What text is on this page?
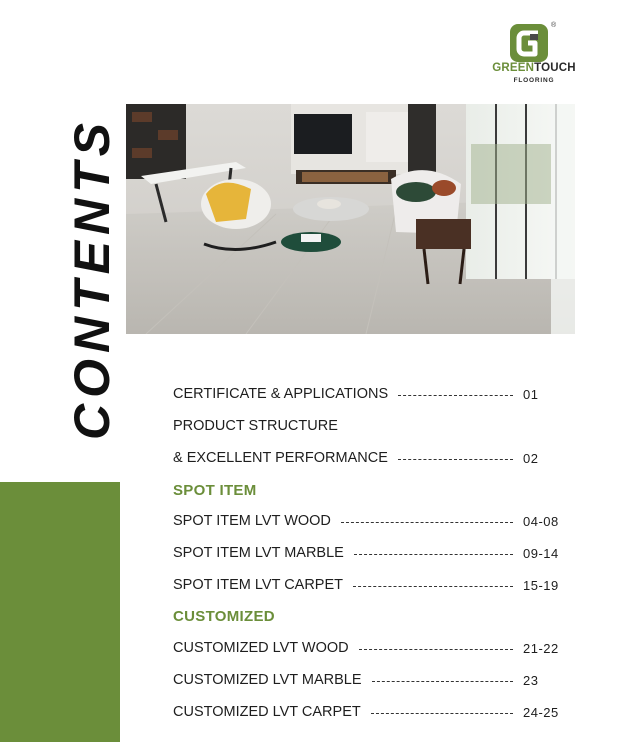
®
GREENTOUCH
FLOORING
CONTENTS	CERTIFICATE & APPLICATIONS	01
PRODUCT STRUCTURE
& EXCELLENT PERFORMANCE	02
SPOT ITEM
SPOT ITEM LVT WOOD	04-08
SPOT ITEM LVT MARBLE	09-14
SPOT ITEM LVT CARPET	15-19
CUSTOMIZED
CUSTOMIZED LVT WOOD	21-22
CUSTOMIZED LVT MARBLE	23
CUSTOMIZED LVT CARPET	24-25
